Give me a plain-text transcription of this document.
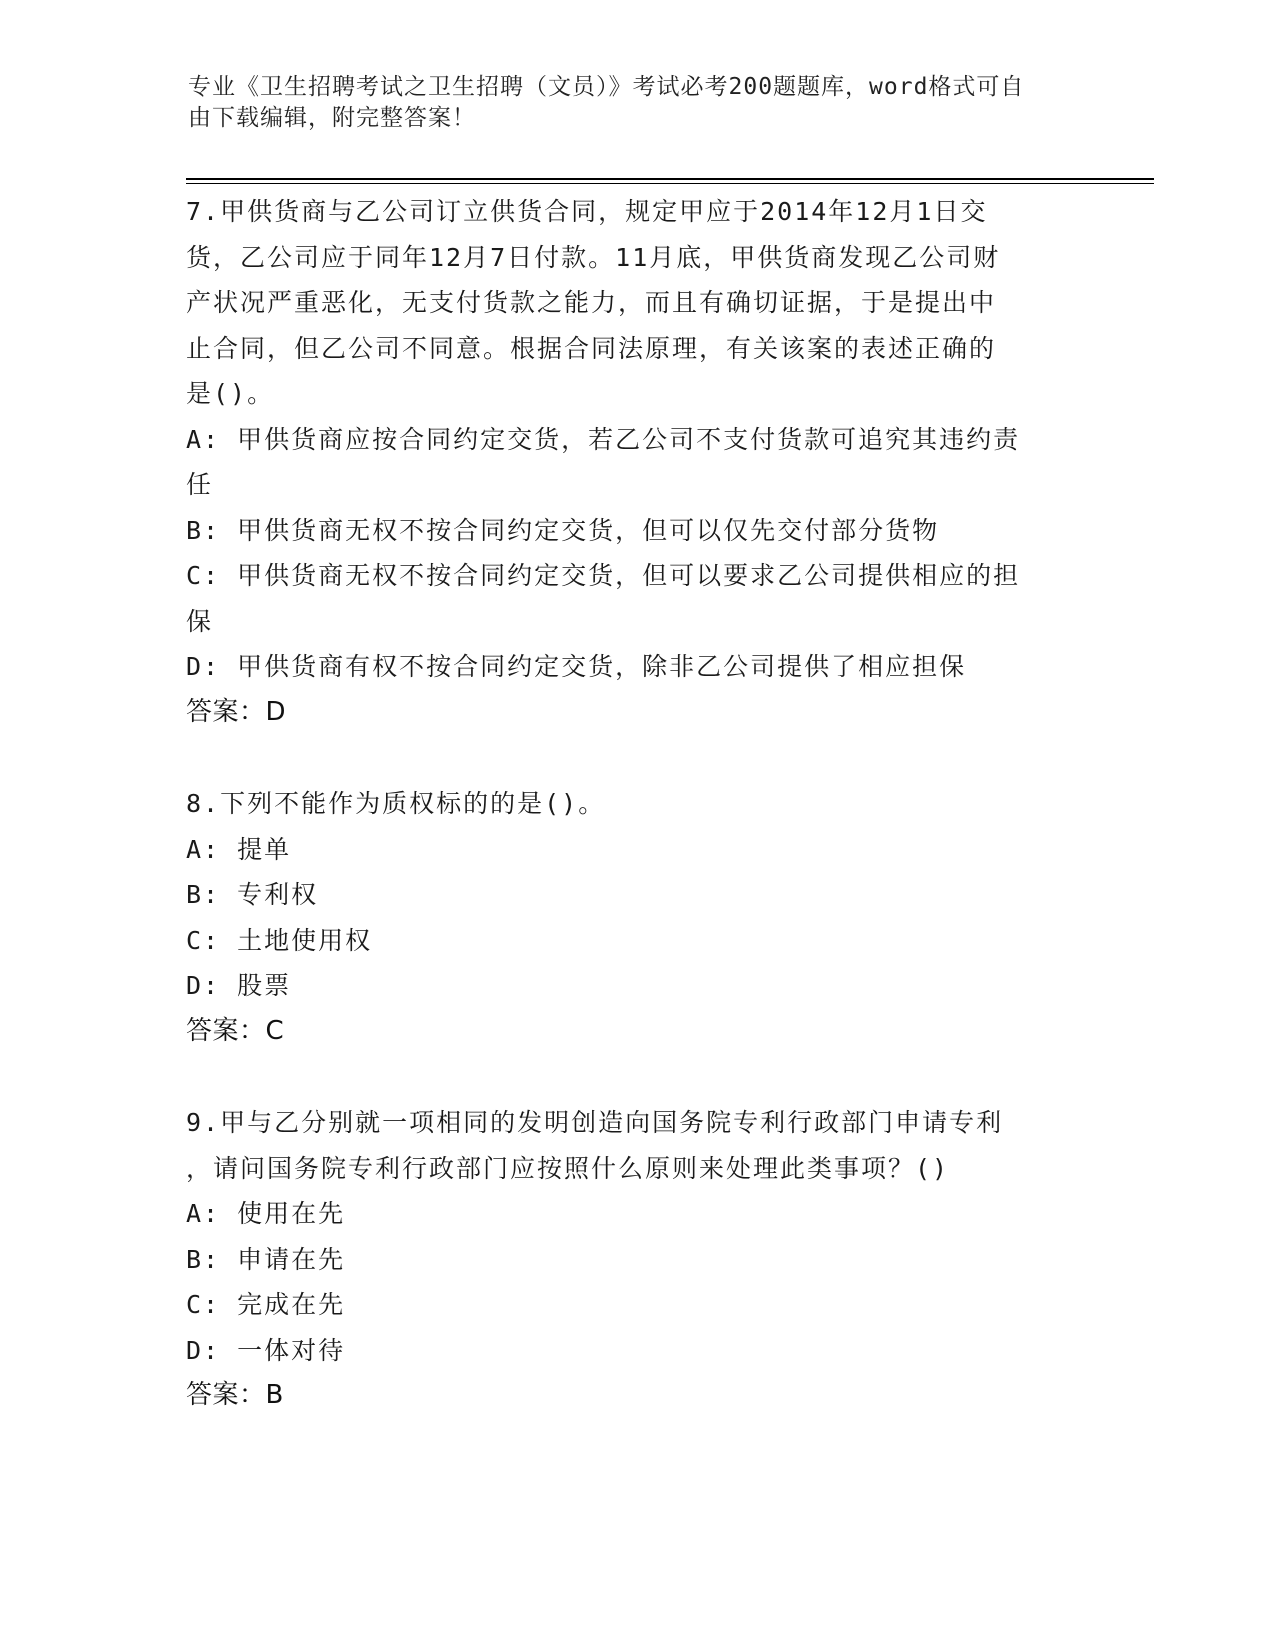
专业《卫生招聘考试之卫生招聘（文员）》考试必考200题题库，word格式可自
由下载编辑，附完整答案！
7.甲供货商与乙公司订立供货合同，规定甲应于2014年12月1日交
货，乙公司应于同年12月7日付款。11月底，甲供货商发现乙公司财
产状况严重恶化，无支付货款之能力，而且有确切证据，于是提出中
止合同，但乙公司不同意。根据合同法原理，有关该案的表述正确的
是()。
A: 甲供货商应按合同约定交货，若乙公司不支付货款可追究其违约责
任
B: 甲供货商无权不按合同约定交货，但可以仅先交付部分货物
C: 甲供货商无权不按合同约定交货，但可以要求乙公司提供相应的担
保
D: 甲供货商有权不按合同约定交货，除非乙公司提供了相应担保
答案：D
8.下列不能作为质权标的的是()。
A: 提单
B: 专利权
C: 土地使用权
D: 股票
答案：C
9.甲与乙分别就一项相同的发明创造向国务院专利行政部门申请专利
，请问国务院专利行政部门应按照什么原则来处理此类事项？()
A: 使用在先
B: 申请在先
C: 完成在先
D: 一体对待
答案：B
